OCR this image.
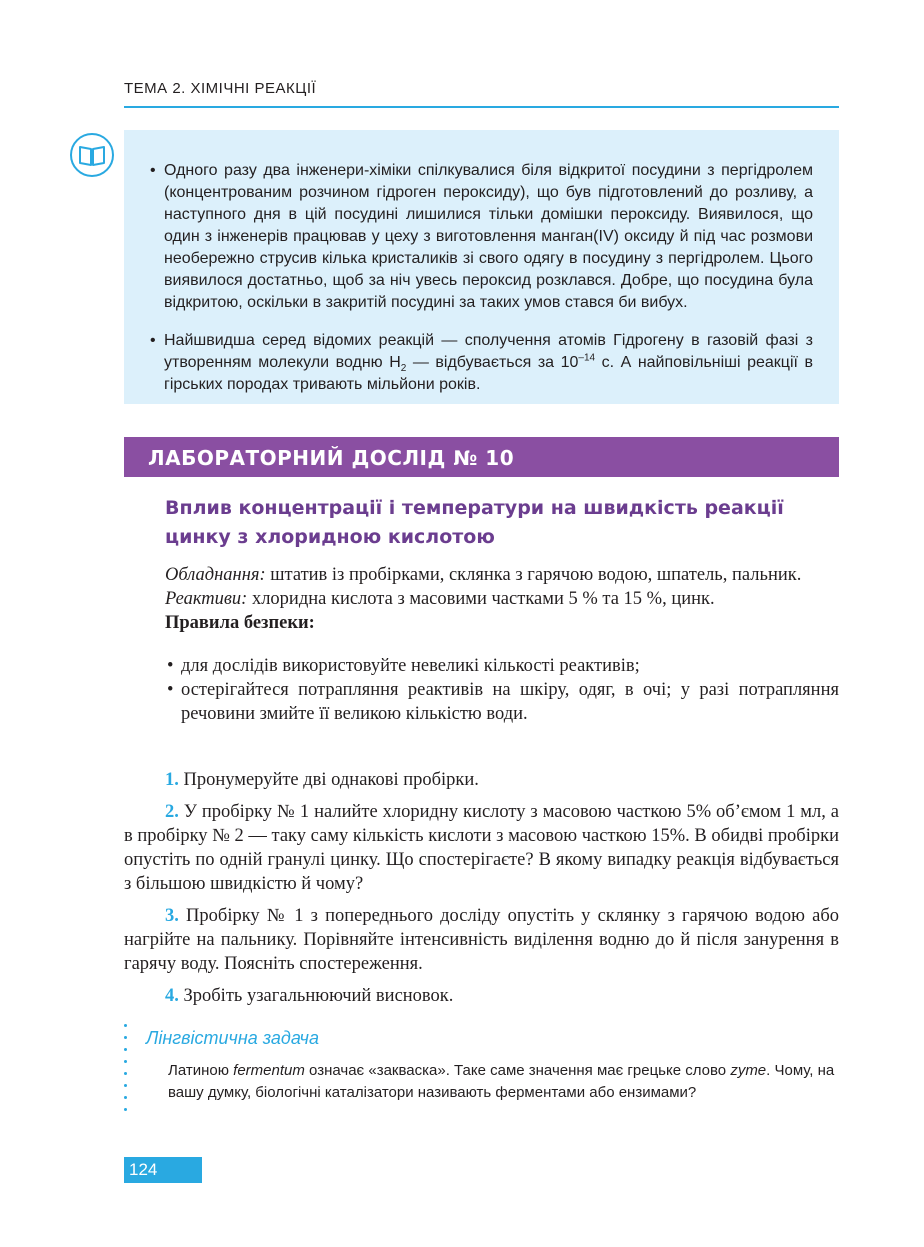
ТЕМА 2. ХІМІЧНІ РЕАКЦІЇ

• Одного разу два інженери-хіміки спілкувалися біля відкритої посудини з пергідролем (концентрованим розчином гідроген пероксиду), що був підготовлений до розливу, а наступного дня в цій посудині лишилися тільки домішки пероксиду. Виявилося, що один з інженерів працював у цеху з виготовлення манган(IV) оксиду й під час розмови необережно струсив кілька кристаликів зі свого одягу в посудину з пергідролем. Цього виявилося достатньо, щоб за ніч увесь пероксид розклався. Добре, що посудина була відкритою, оскільки в закритій посудині за таких умов стався би вибух.

• Найшвидша серед відомих реакцій — сполучення атомів Гідрогену в газовій фазі з утворенням молекули водню $H_2$ — відбувається за $10^{-14}$ с. А найповільніші реакції в гірських породах тривають мільйони років.

ЛАБОРАТОРНИЙ ДОСЛІД № 10
Вплив концентрації і температури на швидкість реакції цинку з хлоридною кислотою

Обладнання: штатив із пробірками, склянка з гарячою водою, шпатель, пальник.

Реактиви: хлоридна кислота з масовими частками 5 % та 15 %, цинк.

Правила безпеки:

• для дослідів використовуйте невеликі кількості реактивів;

• остерігайтеся потрапляння реактивів на шкіру, одяг, в очі; у разі потрапляння речовини змийте її великою кількістю води.

1. Пронумеруйте дві однакові пробірки.

2. У пробірку № 1 налийте хлоридну кислоту з масовою часткою 5% об’ємом 1 мл, а в пробірку № 2 — таку саму кількість кислоти з масовою часткою 15%. В обидві пробірки опустіть по одній гранулі цинку. Що спостерігаєте? В якому випадку реакція відбувається з більшою швидкістю й чому?

3. Пробірку № 1 з попереднього досліду опустіть у склянку з гарячою водою або нагрійте на пальнику. Порівняйте інтенсивність виділення водню до й після занурення в гарячу воду. Поясніть спостереження.

4. Зробіть узагальнюючий висновок.

Лінгвістична задача
Латиною fermentum означає «закваска». Таке саме значення має грецьке слово zyme. Чому, на вашу думку, біологічні каталізатори називають ферментами або ензимами?
124
